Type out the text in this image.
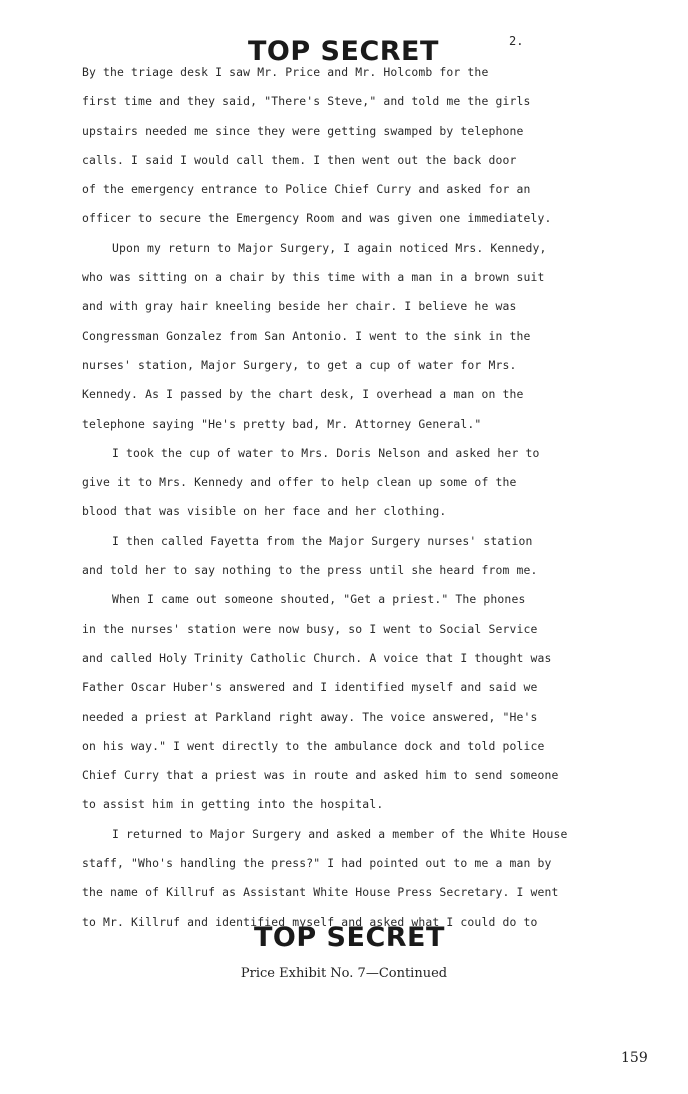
TOP SECRET	2.
By the triage desk I saw Mr. Price and Mr. Holcomb for the
first time and they said, "There's Steve," and told me the girls
upstairs needed me since they were getting swamped by telephone
calls. I said I would call them. I then went out the back door
of the emergency entrance to Police Chief Curry and asked for an
officer to secure the Emergency Room and was given one immediately.
Upon my return to Major Surgery, I again noticed Mrs. Kennedy,
who was sitting on a chair by this time with a man in a brown suit
and with gray hair kneeling beside her chair. I believe he was
Congressman Gonzalez from San Antonio. I went to the sink in the
nurses' station, Major Surgery, to get a cup of water for Mrs.
Kennedy. As I passed by the chart desk, I overhead a man on the
telephone saying "He's pretty bad, Mr. Attorney General."
I took the cup of water to Mrs. Doris Nelson and asked her to
give it to Mrs. Kennedy and offer to help clean up some of the
blood that was visible on her face and her clothing.
I then called Fayetta from the Major Surgery nurses' station
and told her to say nothing to the press until she heard from me.
When I came out someone shouted, "Get a priest." The phones
in the nurses' station were now busy, so I went to Social Service
and called Holy Trinity Catholic Church. A voice that I thought was
Father Oscar Huber's answered and I identified myself and said we
needed a priest at Parkland right away. The voice answered, "He's
on his way." I went directly to the ambulance dock and told police
Chief Curry that a priest was in route and asked him to send someone
to assist him in getting into the hospital.
I returned to Major Surgery and asked a member of the White House
staff, "Who's handling the press?" I had pointed out to me a man by
the name of Killruf as Assistant White House Press Secretary. I went
to Mr. Killruf and identified myself and asked what I could do to
TOP SECRET
Price Exhibit No. 7—Continued
159
